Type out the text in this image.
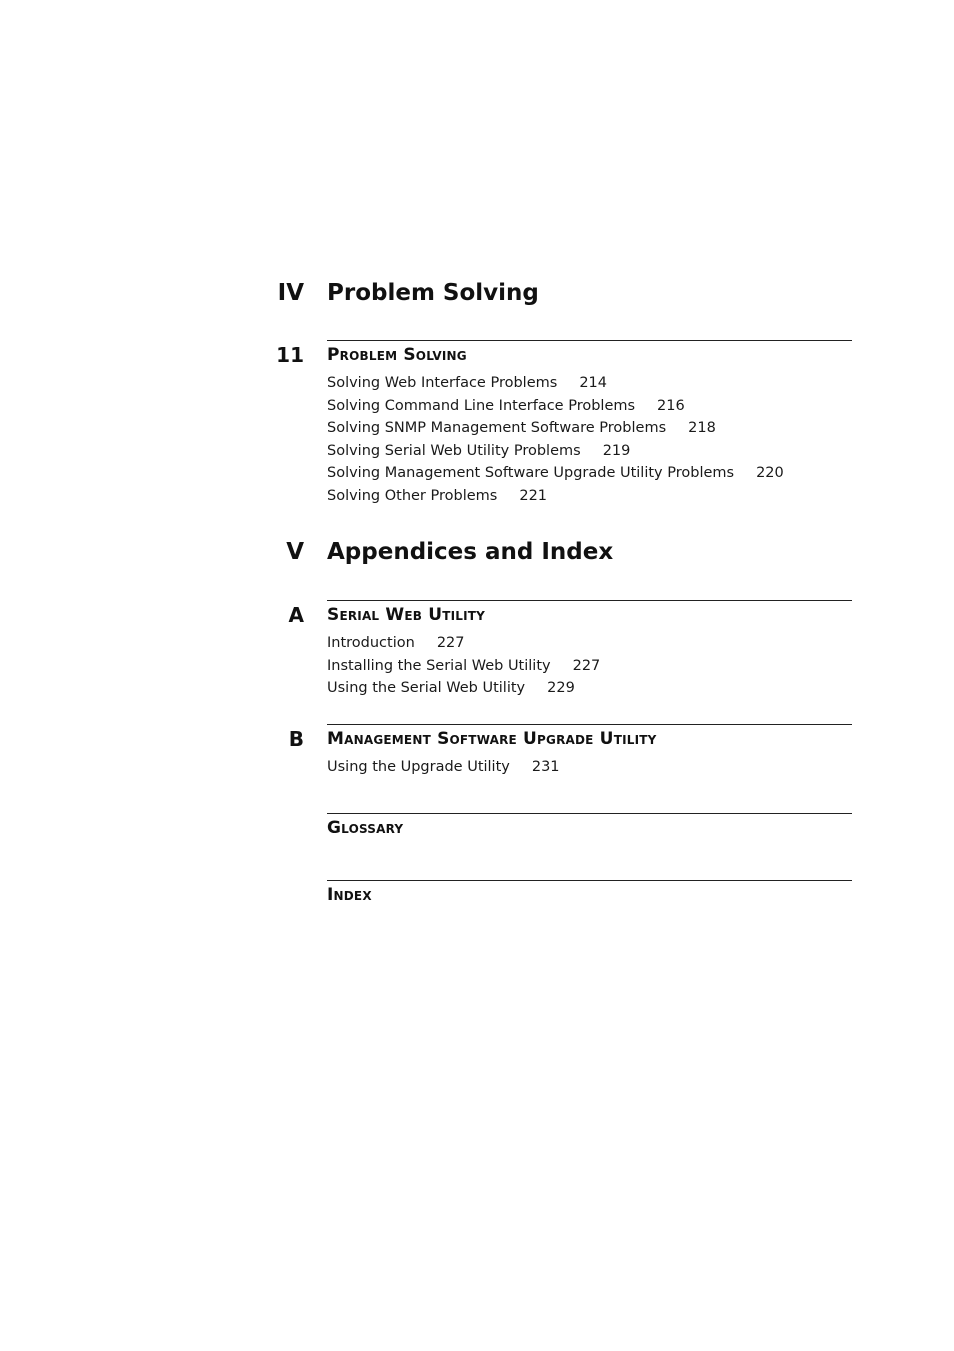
IV Problem Solving
11 Problem Solving
Solving Web Interface Problems 214
Solving Command Line Interface Problems 216
Solving SNMP Management Software Problems 218
Solving Serial Web Utility Problems 219
Solving Management Software Upgrade Utility Problems 220
Solving Other Problems 221
V Appendices and Index
A Serial Web Utility
Introduction 227
Installing the Serial Web Utility 227
Using the Serial Web Utility 229
B Management Software Upgrade Utility
Using the Upgrade Utility 231
Glossary
Index
